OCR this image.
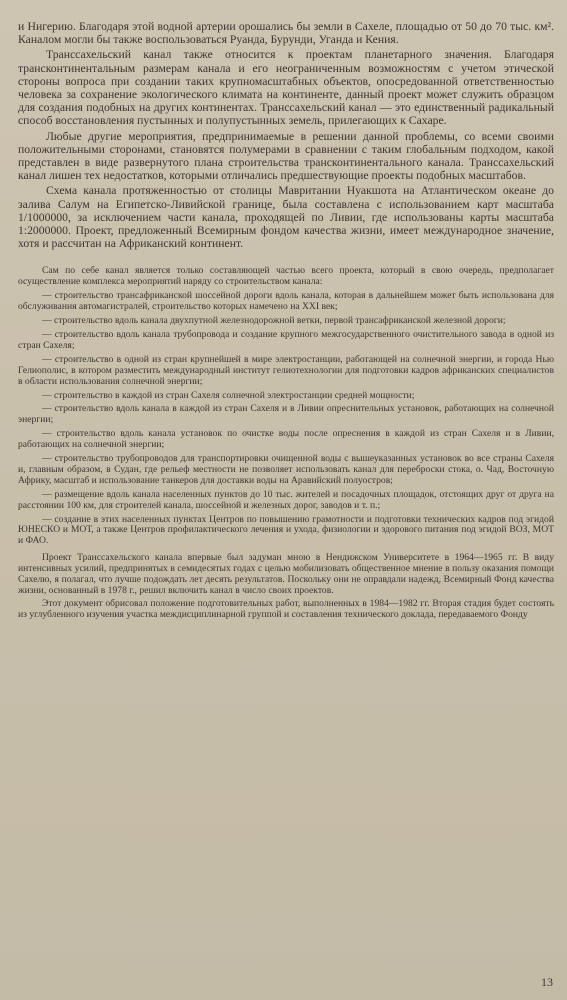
и Нигерию. Благодаря этой водной артерии орошались бы земли в Сахеле, площадью от 50 до 70 тыс. км². Каналом могли бы также воспользоваться Руанда, Бурунди, Уганда и Кения.

Транссахельский канал также относится к проектам планетарного значения. Благодаря трансконтинентальным размерам канала и его неограниченным возможностям с учетом этической стороны вопроса при создании таких крупномасштабных объектов, опосредованной ответственностью человека за сохранение экологического климата на континенте, данный проект может служить образцом для создания подобных на других континентах. Транссахельский канал — это единственный радикальный способ восстановления пустынных и полупустынных земель, прилегающих к Сахаре.

Любые другие мероприятия, предпринимаемые в решении данной проблемы, со всеми своими положительными сторонами, становятся полумерами в сравнении с таким глобальным подходом, какой представлен в виде развернутого плана строительства трансконтинентального канала. Транссахельский канал лишен тех недостатков, которыми отличались предшествующие проекты подобных масштабов.

Схема канала протяженностью от столицы Мавритании Нуакшота на Атлантическом океане до залива Салум на Египетско-Ливийской границе, была составлена с использованием карт масштаба 1/1000000, за исключением части канала, проходящей по Ливии, где использованы карты масштаба 1:2000000. Проект, предложенный Всемирным фондом качества жизни, имеет международное значение, хотя и рассчитан на Африканский континент.

Сам по себе канал является только составляющей частью всего проекта, который в свою очередь, предполагает осуществление комплекса мероприятий наряду со строительством канала:

— строительство трансафриканской шоссейной дороги вдоль канала, которая в дальнейшем может быть использована для обслуживания автомагистралей, строительство которых намечено на XXI век;

— строительство вдоль канала двухпутной железнодорожной ветки, первой трансафриканской железной дороги;

— строительство вдоль канала трубопровода и создание крупного межгосударственного очистительного завода в одной из стран Сахеля;

— строительство в одной из стран крупнейшей в мире электростанции, работающей на солнечной энергии, и города Нью Гелиополис, в котором разместить международный институт гелиотехнологии для подготовки кадров африканских специалистов в области использования солнечной энергии;

— строительство в каждой из стран Сахеля солнечной электростанции средней мощности;

— строительство вдоль канала в каждой из стран Сахеля и в Ливии опреснительных установок, работающих на солнечной энергии;

— строительство вдоль канала установок по очистке воды после опреснения в каждой из стран Сахеля и в Ливии, работающих на солнечной энергии;

— строительство трубопроводов для транспортировки очищенной воды с вышеуказанных установок во все страны Сахеля и, главным образом, в Судан, где рельеф местности не позволяет использовать канал для переброски стока, о. Чад, Восточную Африку, масштаб и использование танкеров для доставки воды на Аравийский полуостров;

— размещение вдоль канала населенных пунктов до 10 тыс. жителей и посадочных площадок, отстоящих друг от друга на расстоянии 100 км, для строителей канала, шоссейной и железных дорог, заводов и т. п.;

— создание в этих населенных пунктах Центров по повышению грамотности и подготовки технических кадров под эгидой ЮНЕСКО и МОТ, а также Центров профилактического лечения и ухода, физиологии и здорового питания под эгидой ВОЗ, МОТ и ФАО.

Проект Транссахельского канала впервые был задуман мною в Нендижском Университете в 1964—1965 гг. В виду интенсивных усилий, предпринятых в семидесятых годах с целью мобилизовать общественное мнение в пользу оказания помощи Сахелю, я полагал, что лучше подождать лет десять результатов. Поскольку они не оправдали надежд, Всемирный Фонд качества жизни, основанный в 1978 г., решил включить канал в число своих проектов.

Этот документ обрисовал положение подготовительных работ, выполненных в 1984—1982 гг. Вторая стадия будет состоять из углубленного изучения участка междисциплинарной группой и составления технического доклада, передаваемого Фонду

13
